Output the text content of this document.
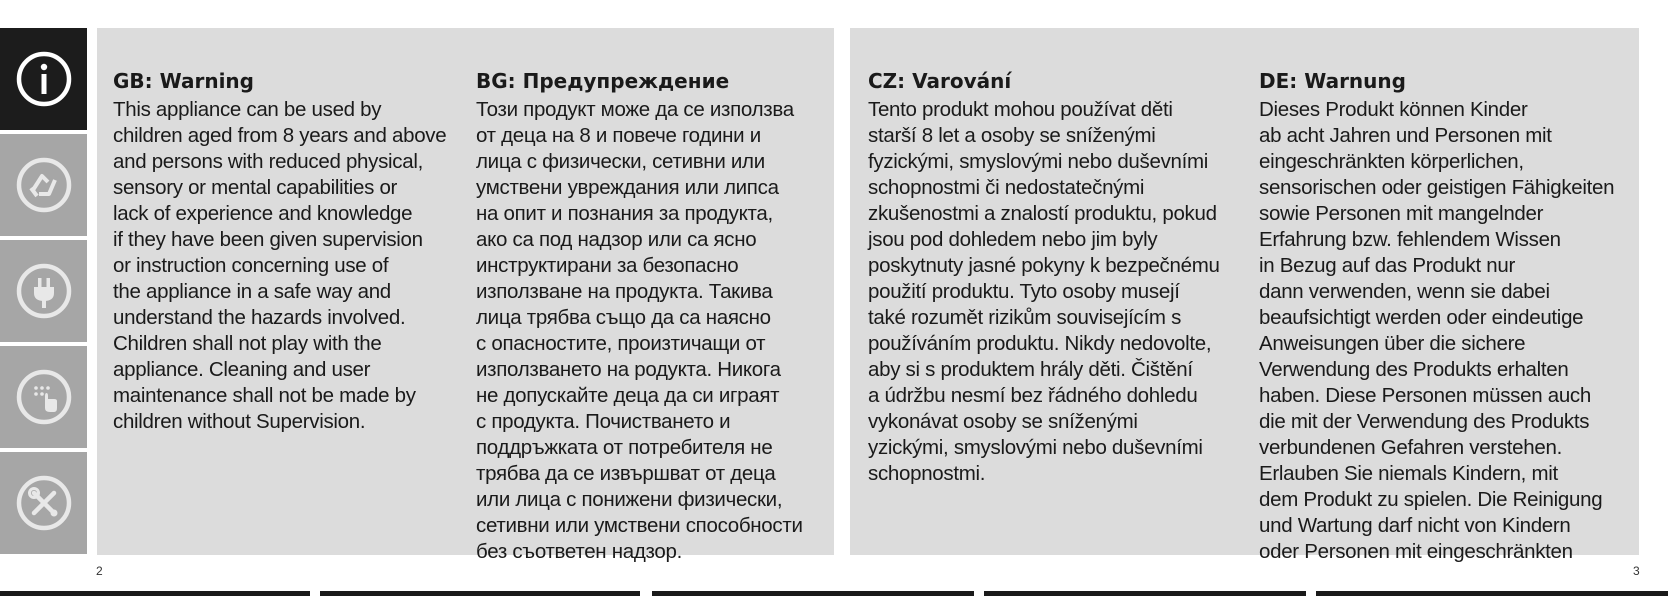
GB: Warning

This appliance can be used by
children aged from 8 years and above
and persons with reduced physical,
sensory or mental capabilities or
lack of experience and knowledge
if they have been given supervision
or instruction concerning use of
the appliance in a safe way and
understand the hazards involved.
Children shall not play with the
appliance. Cleaning and user
maintenance shall not be made by
children without Supervision.

BG: Предупреждение

Този продукт може да се използва
от деца на 8 и повече години и
лица с физически, сетивни или
умствени увреждания или липса
на опит и познания за продукта,
ако са под надзор или са ясно
инструктирани за безопасно
използване на продукта. Такива
лица трябва също да са наясно
с опасностите, произтичащи от
използването на родукта. Никога
не допускайте деца да си играят
с продукта. Почистването и
поддръжката от потребителя не
трябва да се извършват от деца
или лица с понижени физически,
сетивни или умствени способности
без съответен надзор.

CZ: Varování

Tento produkt mohou používat děti
starší 8 let a osoby se sníženými
fyzickými, smyslovými nebo duševními
schopnostmi či nedostatečnými
zkušenostmi a znalostí produktu, pokud
jsou pod dohledem nebo jim byly
poskytnuty jasné pokyny k bezpečnému
použití produktu. Tyto osoby musejí
také rozumět rizikům souvisejícím s
používáním produktu. Nikdy nedovolte,
aby si s produktem hrály děti. Čištění
a údržbu nesmí bez řádného dohledu
vykonávat osoby se sníženými
yzickými, smyslovými nebo duševními
schopnostmi.

DE: Warnung

Dieses Produkt können Kinder
ab acht Jahren und Personen mit
eingeschränkten körperlichen,
sensorischen oder geistigen Fähigkeiten
sowie Personen mit mangelnder
Erfahrung bzw. fehlendem Wissen
in Bezug auf das Produkt nur
dann verwenden, wenn sie dabei
beaufsichtigt werden oder eindeutige
Anweisungen über die sichere
Verwendung des Produkts erhalten
haben. Diese Personen müssen auch
die mit der Verwendung des Produkts
verbundenen Gefahren verstehen.
Erlauben Sie niemals Kindern, mit
dem Produkt zu spielen. Die Reinigung
und Wartung darf nicht von Kindern
oder Personen mit eingeschränkten

2	3
